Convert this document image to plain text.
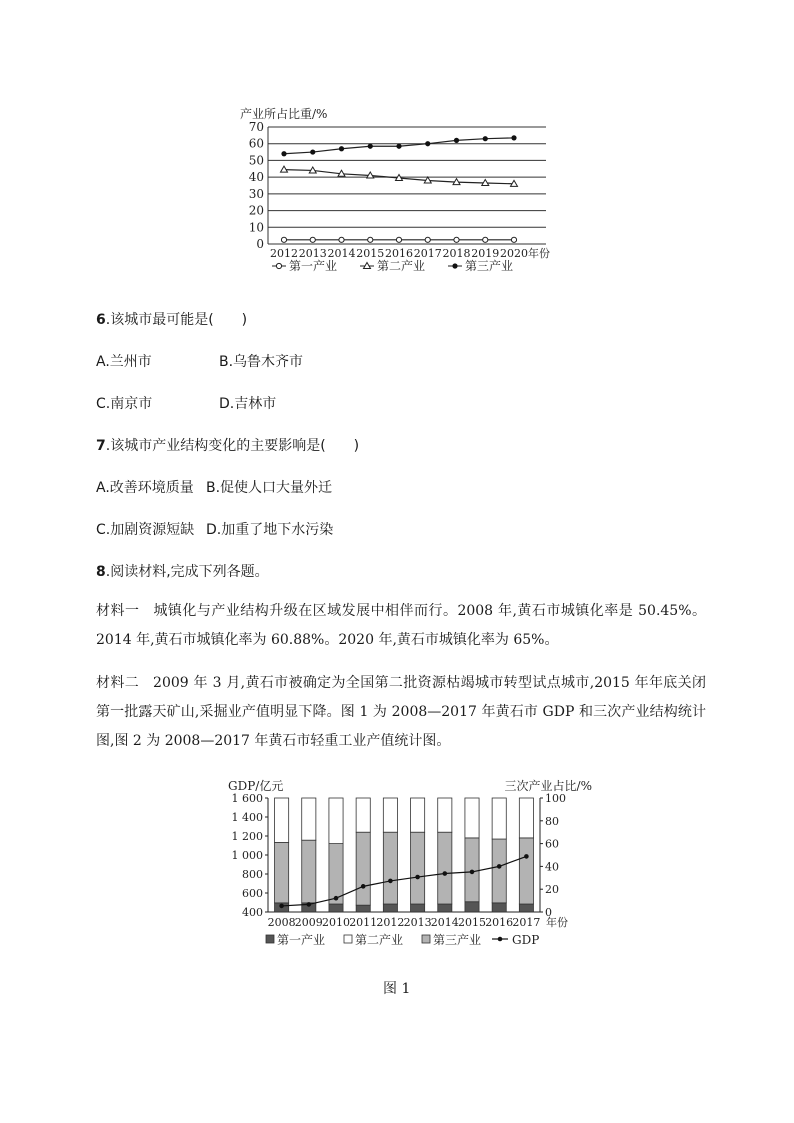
产业所占比重/%
0
10
20
30
40
50
60
70
2012 2013 2014 2015 2016 2017 2018 2019 2020 年份
第一产业	第二产业	第三产业
6.该城市最可能是(　　)
A.兰州市	B.乌鲁木齐市
C.南京市	D.吉林市
7.该城市产业结构变化的主要影响是(　　)
A.改善环境质量 B.促使人口大量外迁
C.加剧资源短缺 D.加重了地下水污染
8.阅读材料,完成下列各题。

材料一 城镇化与产业结构升级在区域发展中相伴而行。2008 年,黄石市城镇化率是 50.45%。2014 年,黄石市城镇化率为 60.88%。2020 年,黄石市城镇化率为 65%。

材料二 2009 年 3 月,黄石市被确定为全国第二批资源枯竭城市转型试点城市,2015 年年底关闭第一批露天矿山,采掘业产值明显下降。图 1 为 2008—2017 年黄石市 GDP 和三次产业结构统计图,图 2 为 2008—2017 年黄石市轻重工业产值统计图。

GDP/亿元	三次产业占比/%
400
600
800
1 000
1 200
1 400
1 600
0
20
40
60
80
100
2008 2009 2010 2011 2012 2013 2014 2015 2016 2017 年份
第一产业 第二产业 第三产业	GDP
图 1
